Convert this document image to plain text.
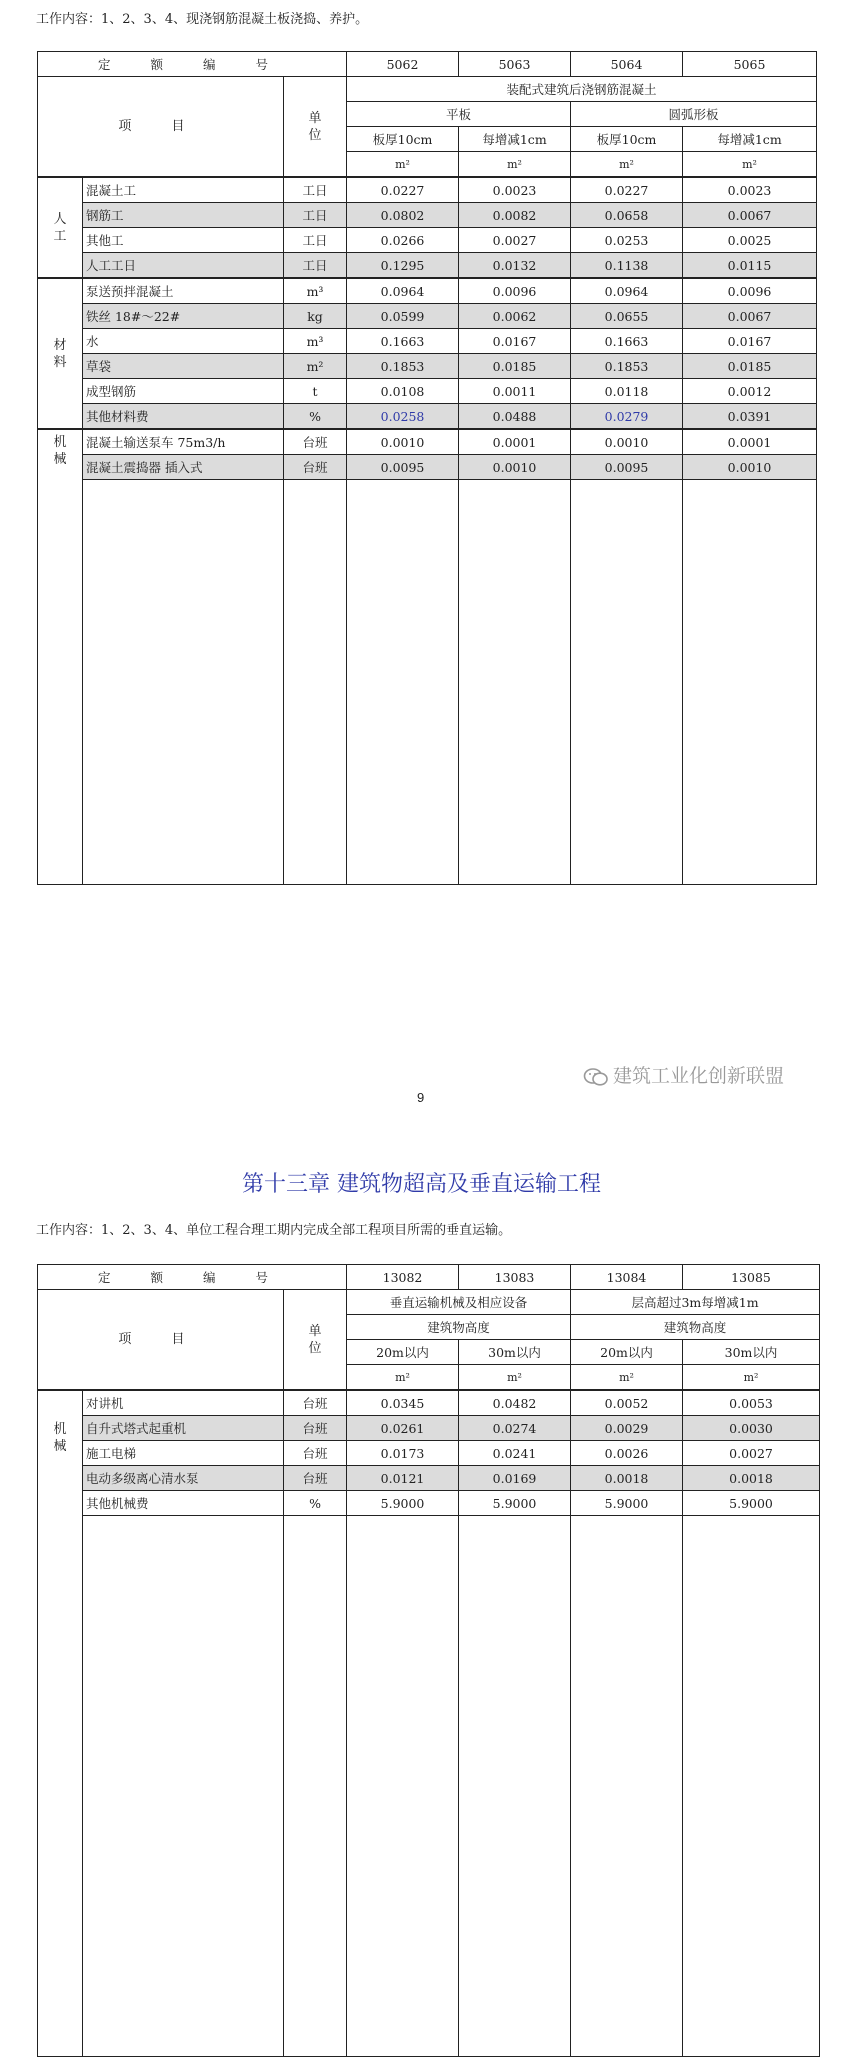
工作内容：1、2、3、4、现浇钢筋混凝土板浇捣、养护。
定 额 编 号			5062	5063	5064	5065
项 目		单位	装配式建筑后浇钢筋混凝土			
			平板		圆弧形板	
			板厚10cm	每增减1cm	板厚10cm	每增减1cm
			m²	m²	m²	m²
人工	混凝土工	工日	0.0227	0.0023	0.0227	0.0023
	钢筋工	工日	0.0802	0.0082	0.0658	0.0067
	其他工	工日	0.0266	0.0027	0.0253	0.0025
	人工工日	工日	0.1295	0.0132	0.1138	0.0115
材料	泵送预拌混凝土	m³	0.0964	0.0096	0.0964	0.0096
	铁丝 18#～22#	kg	0.0599	0.0062	0.0655	0.0067
	水	m³	0.1663	0.0167	0.1663	0.0167
	草袋	m²	0.1853	0.0185	0.1853	0.0185
	成型钢筋	t	0.0108	0.0011	0.0118	0.0012
	其他材料费	%	0.0258	0.0488	0.0279	0.0391
机械	混凝土输送泵车 75m3/h	台班	0.0010	0.0001	0.0010	0.0001
	混凝土震捣器 插入式	台班	0.0095	0.0010	0.0095	0.0010

建筑工业化创新联盟
9
第十三章 建筑物超高及垂直运输工程
工作内容：1、2、3、4、单位工程合理工期内完成全部工程项目所需的垂直运输。
定 额 编 号			13082	13083	13084	13085
项 目		单位	垂直运输机械及相应设备		层高超过3m每增减1m	
			建筑物高度		建筑物高度	
			20m以内	30m以内	20m以内	30m以内
			m²	m²	m²	m²
机械	对讲机	台班	0.0345	0.0482	0.0052	0.0053
	自升式塔式起重机	台班	0.0261	0.0274	0.0029	0.0030
	施工电梯	台班	0.0173	0.0241	0.0026	0.0027
	电动多级离心清水泵	台班	0.0121	0.0169	0.0018	0.0018
	其他机械费	%	5.9000	5.9000	5.9000	5.9000
